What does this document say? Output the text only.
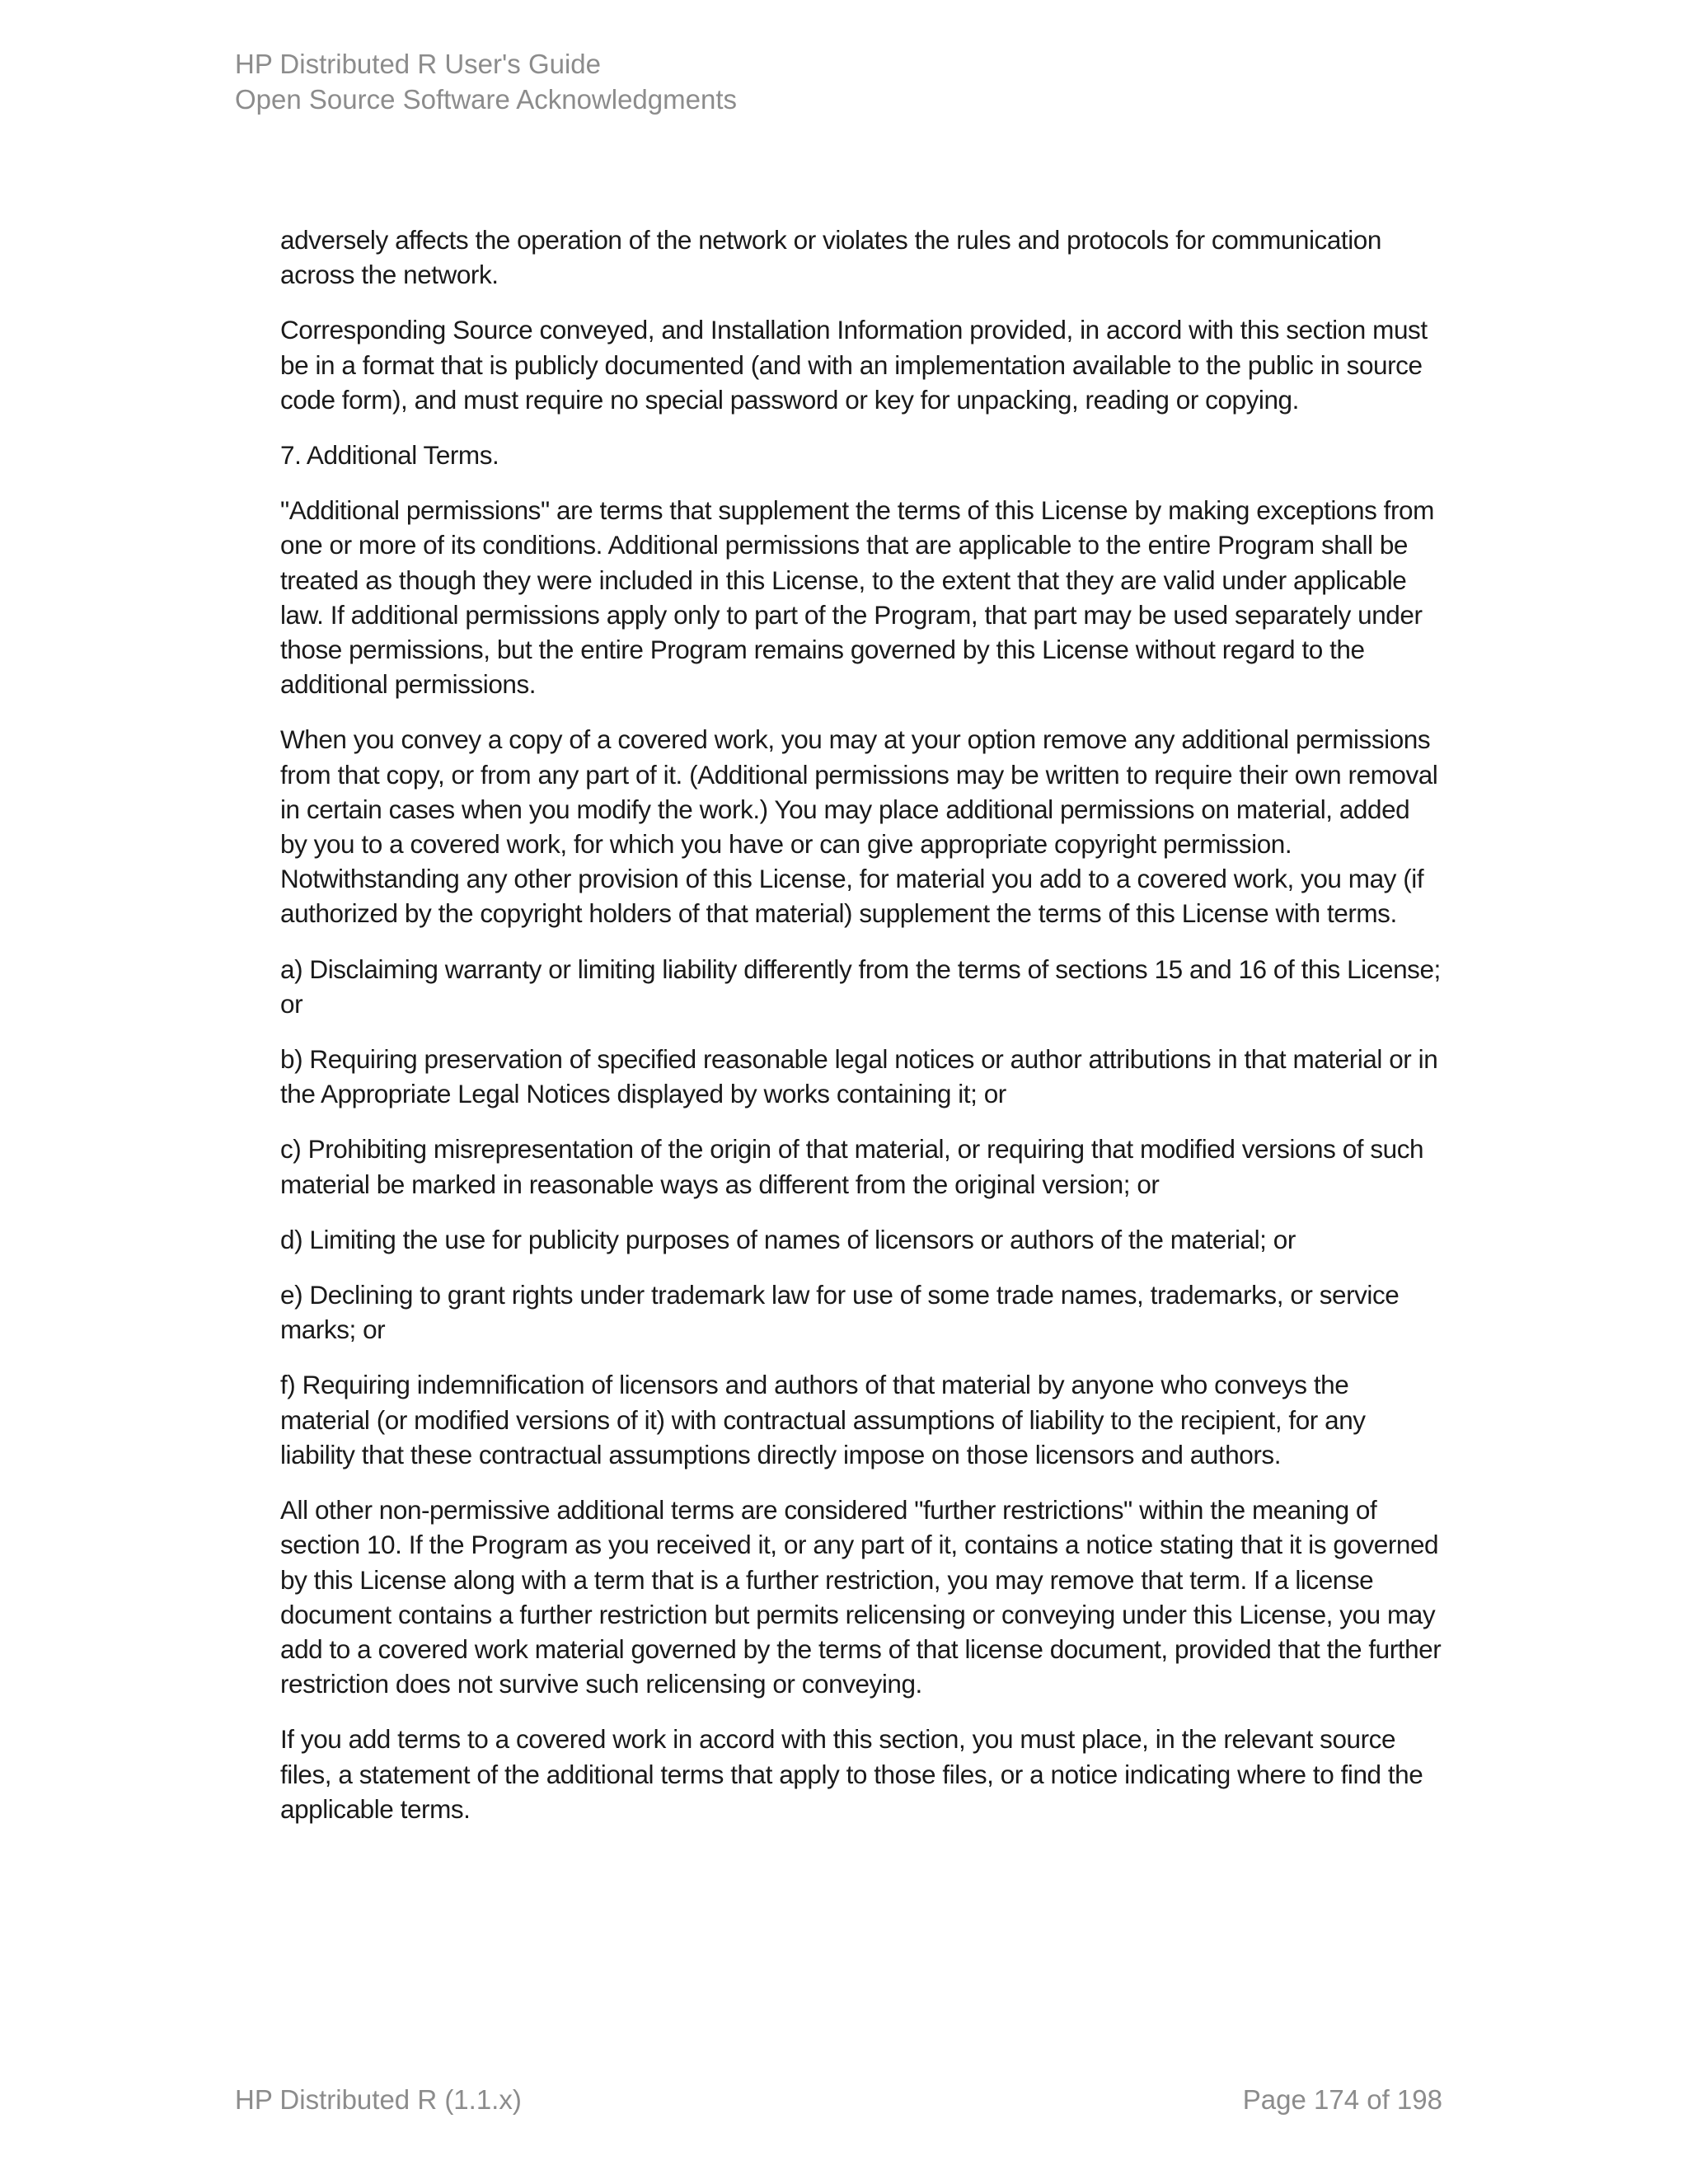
HP Distributed R User's Guide
Open Source Software Acknowledgments

adversely affects the operation of the network or violates the rules and protocols for communication across the network.

Corresponding Source conveyed, and Installation Information provided, in accord with this section must be in a format that is publicly documented (and with an implementation available to the public in source code form), and must require no special password or key for unpacking, reading or copying.

7. Additional Terms.

"Additional permissions" are terms that supplement the terms of this License by making exceptions from one or more of its conditions. Additional permissions that are applicable to the entire Program shall be treated as though they were included in this License, to the extent that they are valid under applicable law. If additional permissions apply only to part of the Program, that part may be used separately under those permissions, but the entire Program remains governed by this License without regard to the additional permissions.

When you convey a copy of a covered work, you may at your option remove any additional permissions from that copy, or from any part of it. (Additional permissions may be written to require their own removal in certain cases when you modify the work.) You may place additional permissions on material, added by you to a covered work, for which you have or can give appropriate copyright permission. Notwithstanding any other provision of this License, for material you add to a covered work, you may (if authorized by the copyright holders of that material) supplement the terms of this License with terms.

a) Disclaiming warranty or limiting liability differently from the terms of sections 15 and 16 of this License; or

b) Requiring preservation of specified reasonable legal notices or author attributions in that material or in the Appropriate Legal Notices displayed by works containing it; or

c) Prohibiting misrepresentation of the origin of that material, or requiring that modified versions of such material be marked in reasonable ways as different from the original version; or

d) Limiting the use for publicity purposes of names of licensors or authors of the material; or

e) Declining to grant rights under trademark law for use of some trade names, trademarks, or service marks; or

f) Requiring indemnification of licensors and authors of that material by anyone who conveys the material (or modified versions of it) with contractual assumptions of liability to the recipient, for any liability that these contractual assumptions directly impose on those licensors and authors.

All other non-permissive additional terms are considered "further restrictions" within the meaning of section 10. If the Program as you received it, or any part of it, contains a notice stating that it is governed by this License along with a term that is a further restriction, you may remove that term. If a license document contains a further restriction but permits relicensing or conveying under this License, you may add to a covered work material governed by the terms of that license document, provided that the further restriction does not survive such relicensing or conveying.

If you add terms to a covered work in accord with this section, you must place, in the relevant source files, a statement of the additional terms that apply to those files, or a notice indicating where to find the applicable terms.

HP Distributed R (1.1.x)	Page 174 of 198
